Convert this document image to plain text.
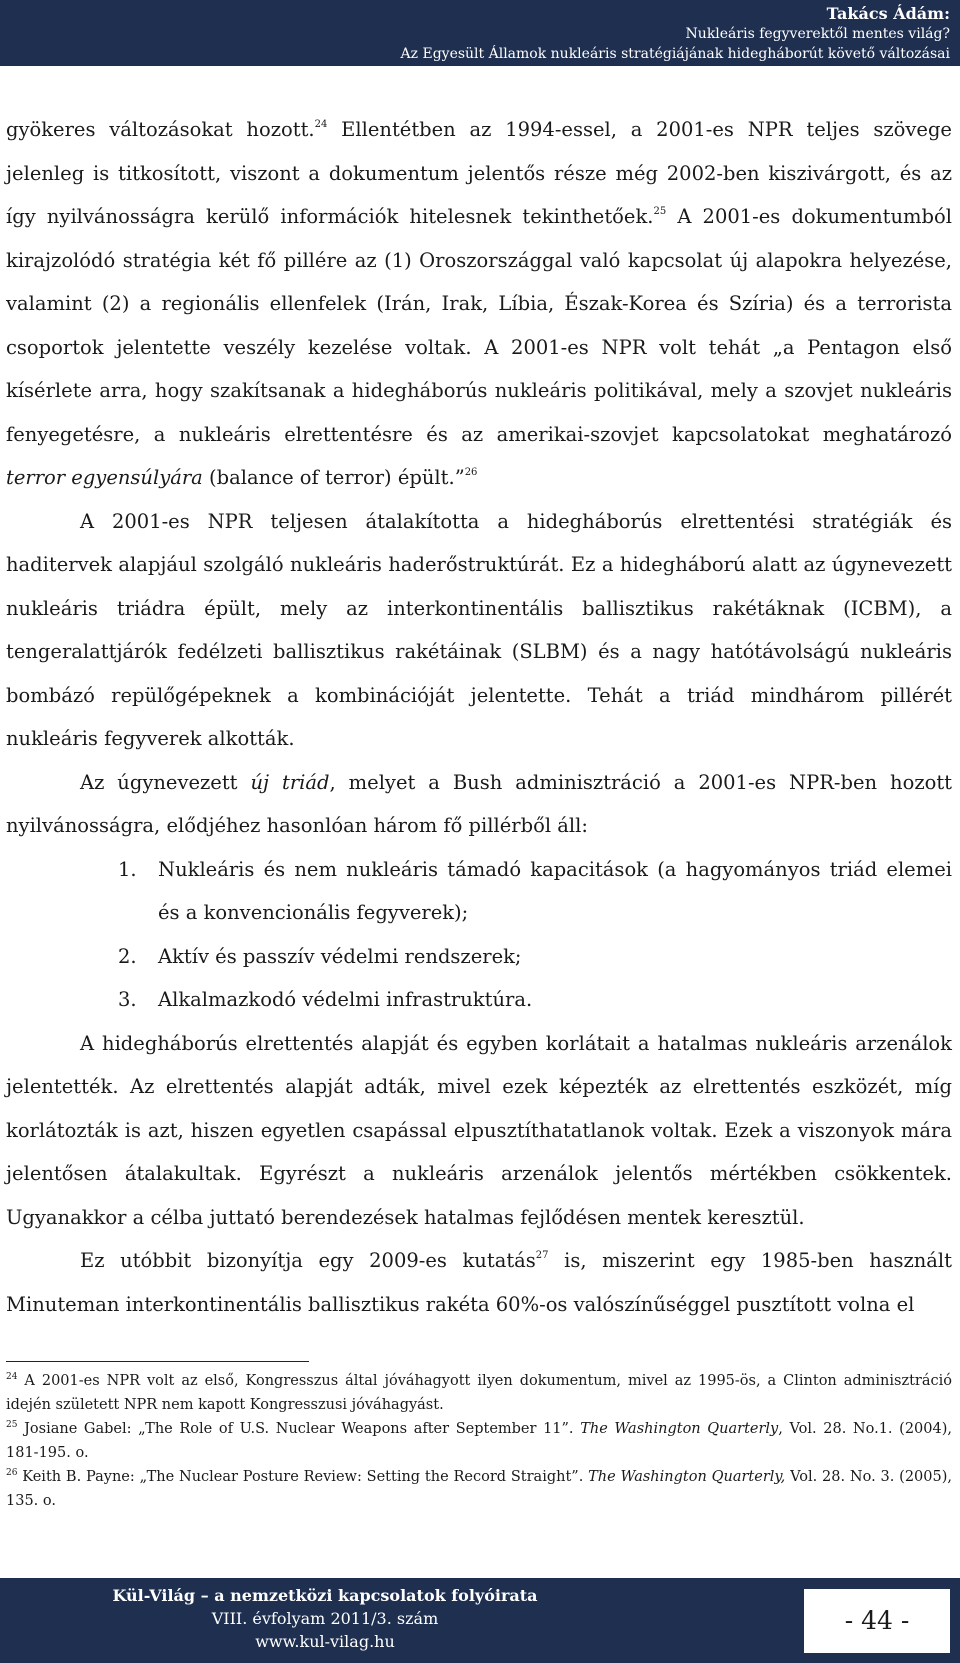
Takács Ádám:
Nukleáris fegyverektől mentes világ?
Az Egyesült Államok nukleáris stratégiájának hidegháborút követő változásai

gyökeres változásokat hozott.$^{24}$ Ellentétben az 1994-essel, a 2001-es NPR teljes szövege jelenleg is titkosított, viszont a dokumentum jelentős része még 2002-ben kiszivárgott, és az így nyilvánosságra kerülő információk hitelesnek tekinthetőek.$^{25}$ A 2001-es dokumentumból kirajzolódó stratégia két fő pillére az (1) Oroszországgal való kapcsolat új alapokra helyezése, valamint (2) a regionális ellenfelek (Irán, Irak, Líbia, Észak-Korea és Szíria) és a terrorista csoportok jelentette veszély kezelése voltak. A 2001-es NPR volt tehát „a Pentagon első kísérlete arra, hogy szakítsanak a hidegháborús nukleáris politikával, mely a szovjet nukleáris fenyegetésre, a nukleáris elrettentésre és az amerikai-szovjet kapcsolatokat meghatározó terror egyensúlyára (balance of terror) épült.”$^{26}$

A 2001-es NPR teljesen átalakította a hidegháborús elrettentési stratégiák és haditervek alapjául szolgáló nukleáris haderőstruktúrát. Ez a hidegháború alatt az úgynevezett nukleáris triádra épült, mely az interkontinentális ballisztikus rakétáknak (ICBM), a tengeralattjárók fedélzeti ballisztikus rakétáinak (SLBM) és a nagy hatótávolságú nukleáris bombázó repülőgépeknek a kombinációját jelentette. Tehát a triád mindhárom pillérét nukleáris fegyverek alkották.

Az úgynevezett új triád, melyet a Bush adminisztráció a 2001-es NPR-ben hozott nyilvánosságra, elődjéhez hasonlóan három fő pillérből áll:

1. Nukleáris és nem nukleáris támadó kapacitások (a hagyományos triád elemei és a konvencionális fegyverek);
2. Aktív és passzív védelmi rendszerek;
3. Alkalmazkodó védelmi infrastruktúra.

A hidegháborús elrettentés alapját és egyben korlátait a hatalmas nukleáris arzenálok jelentették. Az elrettentés alapját adták, mivel ezek képezték az elrettentés eszközét, míg korlátozták is azt, hiszen egyetlen csapással elpusztíthatatlanok voltak. Ezek a viszonyok mára jelentősen átalakultak. Egyrészt a nukleáris arzenálok jelentős mértékben csökkentek. Ugyanakkor a célba juttató berendezések hatalmas fejlődésen mentek keresztül.

Ez utóbbit bizonyítja egy 2009-es kutatás$^{27}$ is, miszerint egy 1985-ben használt Minuteman interkontinentális ballisztikus rakéta 60%-os valószínűséggel pusztított volna el

$^{24}$ A 2001-es NPR volt az első, Kongresszus által jóváhagyott ilyen dokumentum, mivel az 1995-ös, a Clinton adminisztráció idején született NPR nem kapott Kongresszusi jóváhagyást.

$^{25}$ Josiane Gabel: „The Role of U.S. Nuclear Weapons after September 11”. The Washington Quarterly, Vol. 28. No.1. (2004), 181-195. o.

$^{26}$ Keith B. Payne: „The Nuclear Posture Review: Setting the Record Straight”. The Washington Quarterly, Vol. 28. No. 3. (2005), 135. o.

Kül-Világ – a nemzetközi kapcsolatok folyóirata
VIII. évfolyam 2011/3. szám
www.kul-vilag.hu
- 44 -
